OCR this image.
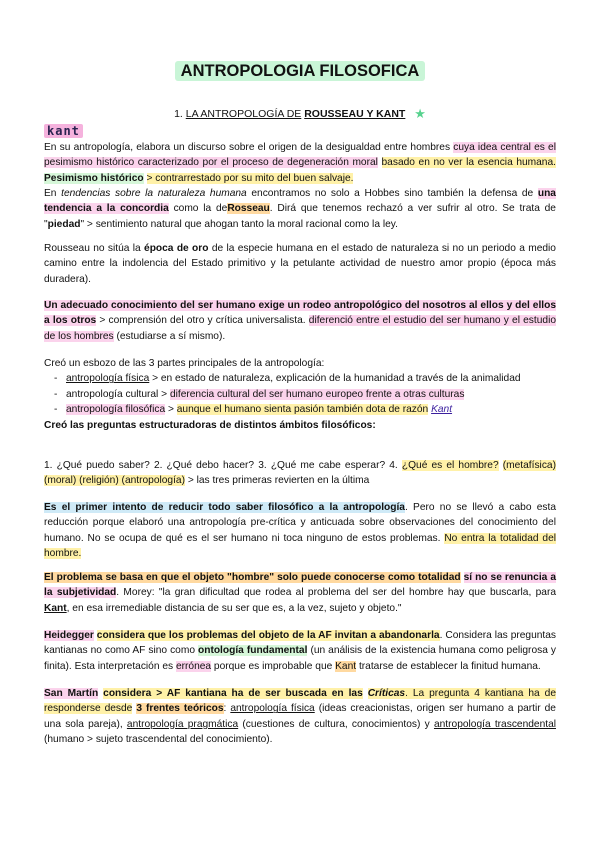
ANTROPOLOGIA FILOSOFICA
1. LA ANTROPOLOGÍA DE ROUSSEAU Y KANT ★
kant

En su antropología, elabora un discurso sobre el origen de la desigualdad entre hombres cuya idea central es el pesimismo histórico caracterizado por el proceso de degeneración moral basado en no ver la esencia humana. Pesimismo histórico > contrarrestado por su mito del buen salvaje.

En tendencias sobre la naturaleza humana encontramos no solo a Hobbes sino también la defensa de una tendencia a la concordia como la deRosseau. Dirá que tenemos rechazó a ver sufrir al otro. Se trata de "piedad" > sentimiento natural que ahogan tanto la moral racional como la ley.

Rousseau no sitúa la época de oro de la especie humana en el estado de naturaleza si no un periodo a medio camino entre la indolencia del Estado primitivo y la petulante actividad de nuestro amor propio (época más duradera).

Un adecuado conocimiento del ser humano exige un rodeo antropológico del nosotros al ellos y del ellos a los otros > comprensión del otro y crítica universalista. diferenció entre el estudio del ser humano y el estudio de los hombres (estudiarse a sí mismo).

Creó un esbozo de las 3 partes principales de la antropología:

- antropología física > en estado de naturaleza, explicación de la humanidad a través de la animalidad
- antropología cultural > diferencia cultural del ser humano europeo frente a otras culturas
- antropología filosófica > aunque el humano sienta pasión también dota de razón Kant

Creó las preguntas estructuradoras de distintos ámbitos filosóficos:

1. ¿Qué puedo saber? 2. ¿Qué debo hacer? 3. ¿Qué me cabe esperar? 4. ¿Qué es el hombre? (metafísica) (moral) (religión) (antropología) > las tres primeras revierten en la última

Es el primer intento de reducir todo saber filosófico a la antropología. Pero no se llevó a cabo esta reducción porque elaboró una antropología pre-crítica y anticuada sobre observaciones del conocimiento del humano. No se ocupa de qué es el ser humano ni toca ninguno de estos problemas. No entra la totalidad del hombre.

El problema se basa en que el objeto "hombre" solo puede conocerse como totalidad sí no se renuncia a la subjetividad. Morey: "la gran dificultad que rodea al problema del ser del hombre hay que buscarla, para Kant, en esa irremediable distancia de su ser que es, a la vez, sujeto y objeto."

Heidegger considera que los problemas del objeto de la AF invitan a abandonarla. Considera las preguntas kantianas no como AF sino como ontología fundamental (un análisis de la existencia humana como peligrosa y finita). Esta interpretación es errónea porque es improbable que Kant tratarse de establecer la finitud humana.

San Martín considera > AF kantiana ha de ser buscada en las Críticas. La pregunta 4 kantiana ha de responderse desde 3 frentes teóricos: antropología física (ideas creacionistas, origen ser humano a partir de una sola pareja), antropología pragmática (cuestiones de cultura, conocimientos) y antropología trascendental (humano > sujeto trascendental del conocimiento).
